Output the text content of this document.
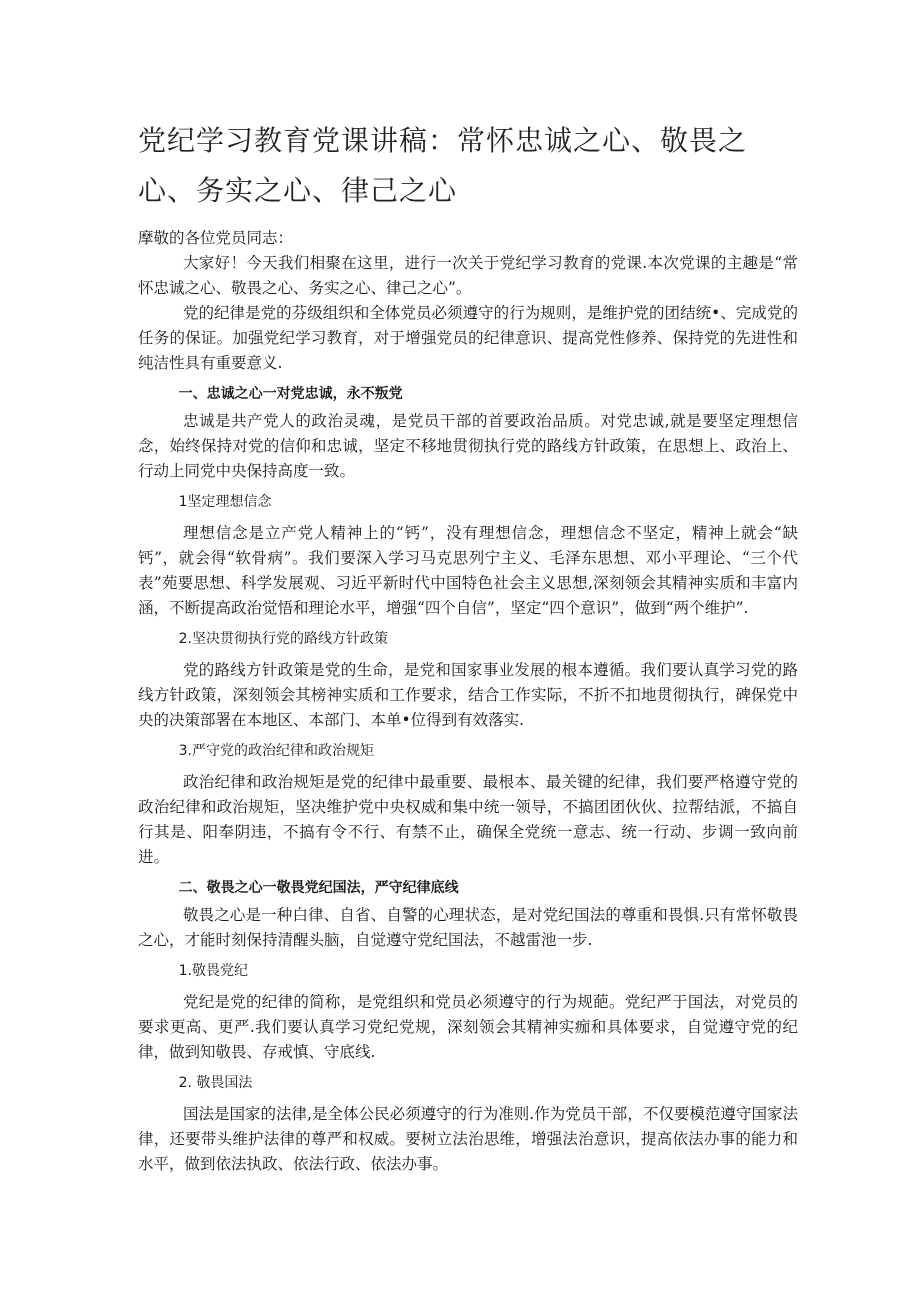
党纪学习教育党课讲稿：常怀忠诚之心、敬畏之心、务实之心、律己之心

摩敬的各位党员同志：

大家好！今天我们相聚在这里，进行一次关于党纪学习教育的党课.本次党课的主趣是“常怀忠诚之心、敬畏之心、务实之心、律己之心”。

党的纪律是党的芬级组织和全体党员必须遵守的行为规则，是维护党的团结统•、完成党的任务的保证。加强党纪学习教育，对于增强党员的纪律意识、提高党性修养、保持党的先进性和纯洁性具有重要意义.

一、忠诚之心一对党忠诚，永不叛党

忠诚是共产党人的政治灵魂，是党员干部的首要政治品质。对党忠诚,就是要坚定理想信念，始终保持对党的信仰和忠诚，坚定不移地贯彻执行党的路线方针政策，在思想上、政治上、行动上同党中央保持高度一致。

1坚定理想信念

理想信念是立产党人精神上的“钙”，没有理想信念，理想信念不坚定，精神上就会“缺钙”，就会得“软骨病”。我们要深入学习马克思列宁主义、毛泽东思想、邓小平理论、“三个代表”苑要思想、科学发展观、习近平新时代中国特色社会主义思想,深刻领会其精神实质和丰富内涵，不断提高政治觉悟和理论水平，增强“四个自信”，坚定“四个意识”，做到“两个维护”.

2.坚决贯彻执行党的路线方针政策

党的路线方针政策是党的生命，是党和国家事业发展的根本遵循。我们要认真学习党的路线方针政策，深刻领会其榜神实质和工作要求，结合工作实际，不折不扣地贯彻执行，碑保党中央的决策部署在本地区、本部门、本单•位得到有效落实.

3.严守党的政治纪律和政治规矩

政治纪律和政治规矩是党的纪律中最重要、最根本、最关键的纪律，我们要严格遵守党的政治纪律和政治规矩，坚决维护党中央权威和集中统一领导，不搞团团伙伙、拉帮结派，不搞自行其是、阳奉阴违，不搞有令不行、有禁不止，确保全党统一意志、统一行动、步调一致向前进。

二、敬畏之心一敬畏党纪国法，严守纪律底线

敬畏之心是一种白律、自省、自警的心理状态，是对党纪国法的尊重和畏惧.只有常怀敬畏之心，才能时刻保持清醒头脑，自觉遵守党纪国法，不越雷池一步.

1.敬畏党纪

党纪是党的纪律的简称，是党组织和党员必须遵守的行为规葩。党纪严于国法，对党员的要求更高、更严.我们要认真学习党纪党规，深刻领会其精神实痂和具体要求，自觉遵守党的纪律，做到知敬畏、存戒慎、守底线.

2. 敬畏国法

国法是国家的法律,是全体公民必须遵守的行为准则.作为党员干部，不仅要模范遵守国家法律，还要带头维护法律的尊严和权威。要树立法治思维，增强法治意识，提高依法办事的能力和水平，做到依法执政、依法行政、依法办事。
